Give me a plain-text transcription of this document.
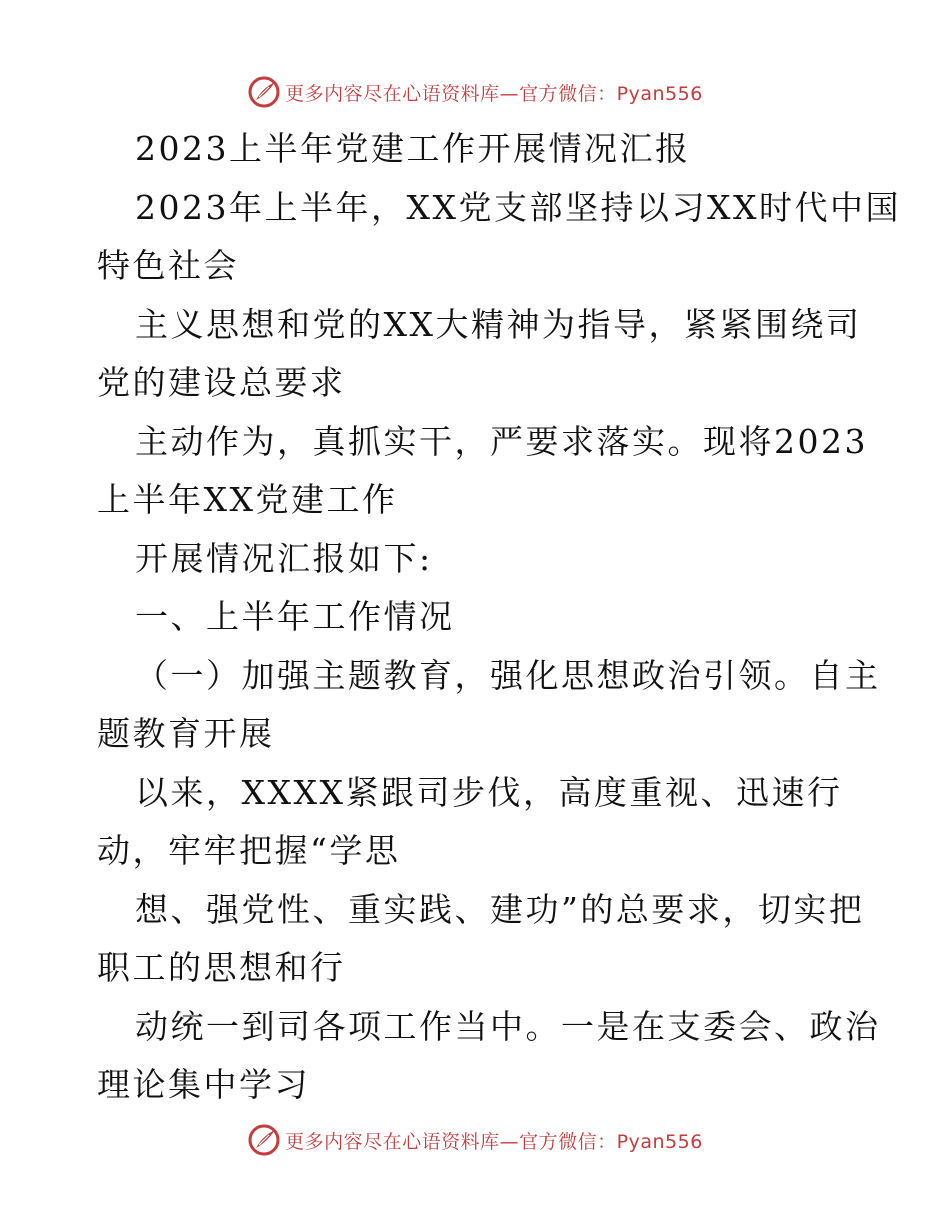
更多内容尽在心语资料库—官方微信：Pyan556
2023上半年党建工作开展情况汇报
2023年上半年，XX党支部坚持以习XX时代中国
特色社会
主义思想和党的XX大精神为指导，紧紧围绕司
党的建设总要求
主动作为，真抓实干，严要求落实。现将2023
上半年XX党建工作
开展情况汇报如下:
一、上半年工作情况
（一）加强主题教育，强化思想政治引领。自主
题教育开展
以来，XXXX紧跟司步伐，高度重视、迅速行
动，牢牢把握“学思
想、强党性、重实践、建功”的总要求，切实把
职工的思想和行
动统一到司各项工作当中。一是在支委会、政治
理论集中学习
更多内容尽在心语资料库—官方微信：Pyan556
